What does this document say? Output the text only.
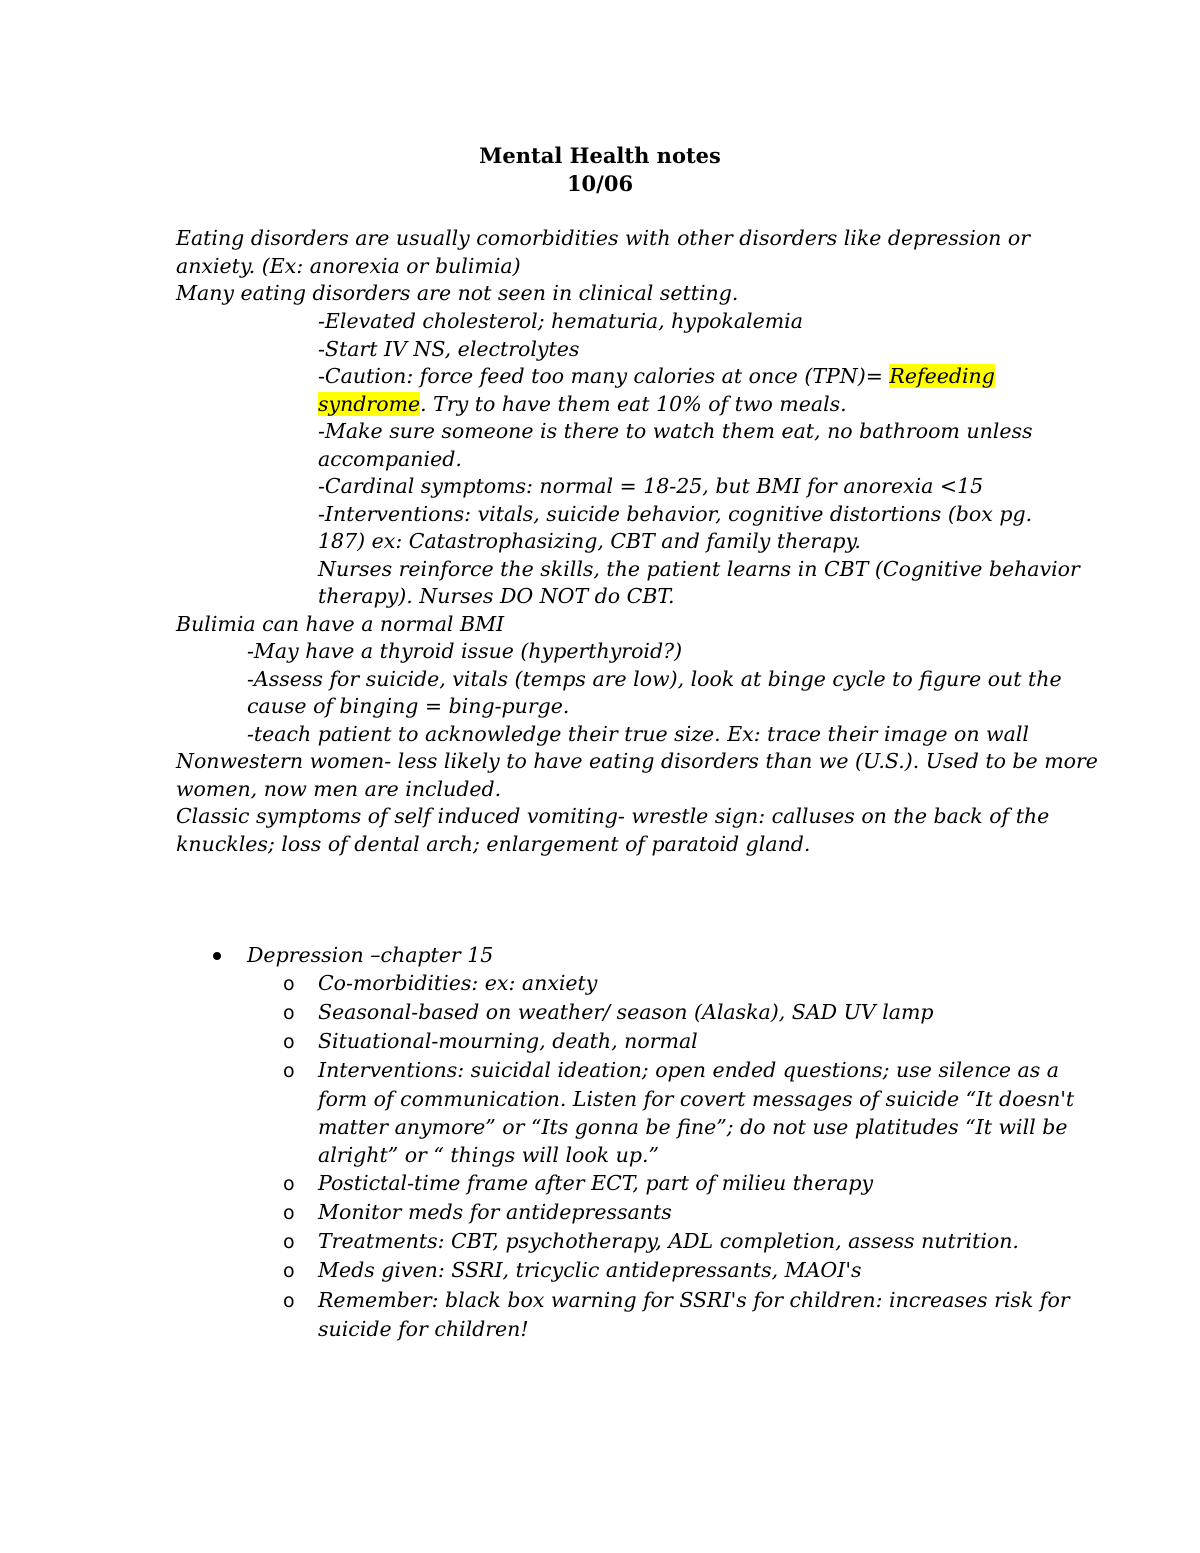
Mental Health notes
10/06
Eating disorders are usually comorbidities with other disorders like depression or
anxiety. (Ex: anorexia or bulimia)
Many eating disorders are not seen in clinical setting.
-Elevated cholesterol; hematuria, hypokalemia
-Start IV NS, electrolytes
-Caution: force feed too many calories at once (TPN)= Refeeding
syndrome. Try to have them eat 10% of two meals.
-Make sure someone is there to watch them eat, no bathroom unless
accompanied.
-Cardinal symptoms: normal = 18-25, but BMI for anorexia <15
-Interventions: vitals, suicide behavior, cognitive distortions (box pg.
187) ex: Catastrophasizing, CBT and family therapy.
Nurses reinforce the skills, the patient learns in CBT (Cognitive behavior
therapy). Nurses DO NOT do CBT.
Bulimia can have a normal BMI
-May have a thyroid issue (hyperthyroid?)
-Assess for suicide, vitals (temps are low), look at binge cycle to figure out the
cause of binging = bing-purge.
-teach patient to acknowledge their true size. Ex: trace their image on wall
Nonwestern women- less likely to have eating disorders than we (U.S.). Used to be more
women, now men are included.
Classic symptoms of self induced vomiting- wrestle sign: calluses on the back of the
knuckles; loss of dental arch; enlargement of paratoid gland.
Depression –chapter 15
o Co-morbidities: ex: anxiety
o Seasonal-based on weather/ season (Alaska), SAD UV lamp
o Situational-mourning, death, normal
o Interventions: suicidal ideation; open ended questions; use silence as a
form of communication. Listen for covert messages of suicide “It doesn't
matter anymore” or “Its gonna be fine”; do not use platitudes “It will be
alright” or “ things will look up.”
o Postictal-time frame after ECT, part of milieu therapy
o Monitor meds for antidepressants
o Treatments: CBT, psychotherapy, ADL completion, assess nutrition.
o Meds given: SSRI, tricyclic antidepressants, MAOI's
o Remember: black box warning for SSRI's for children: increases risk for
suicide for children!
